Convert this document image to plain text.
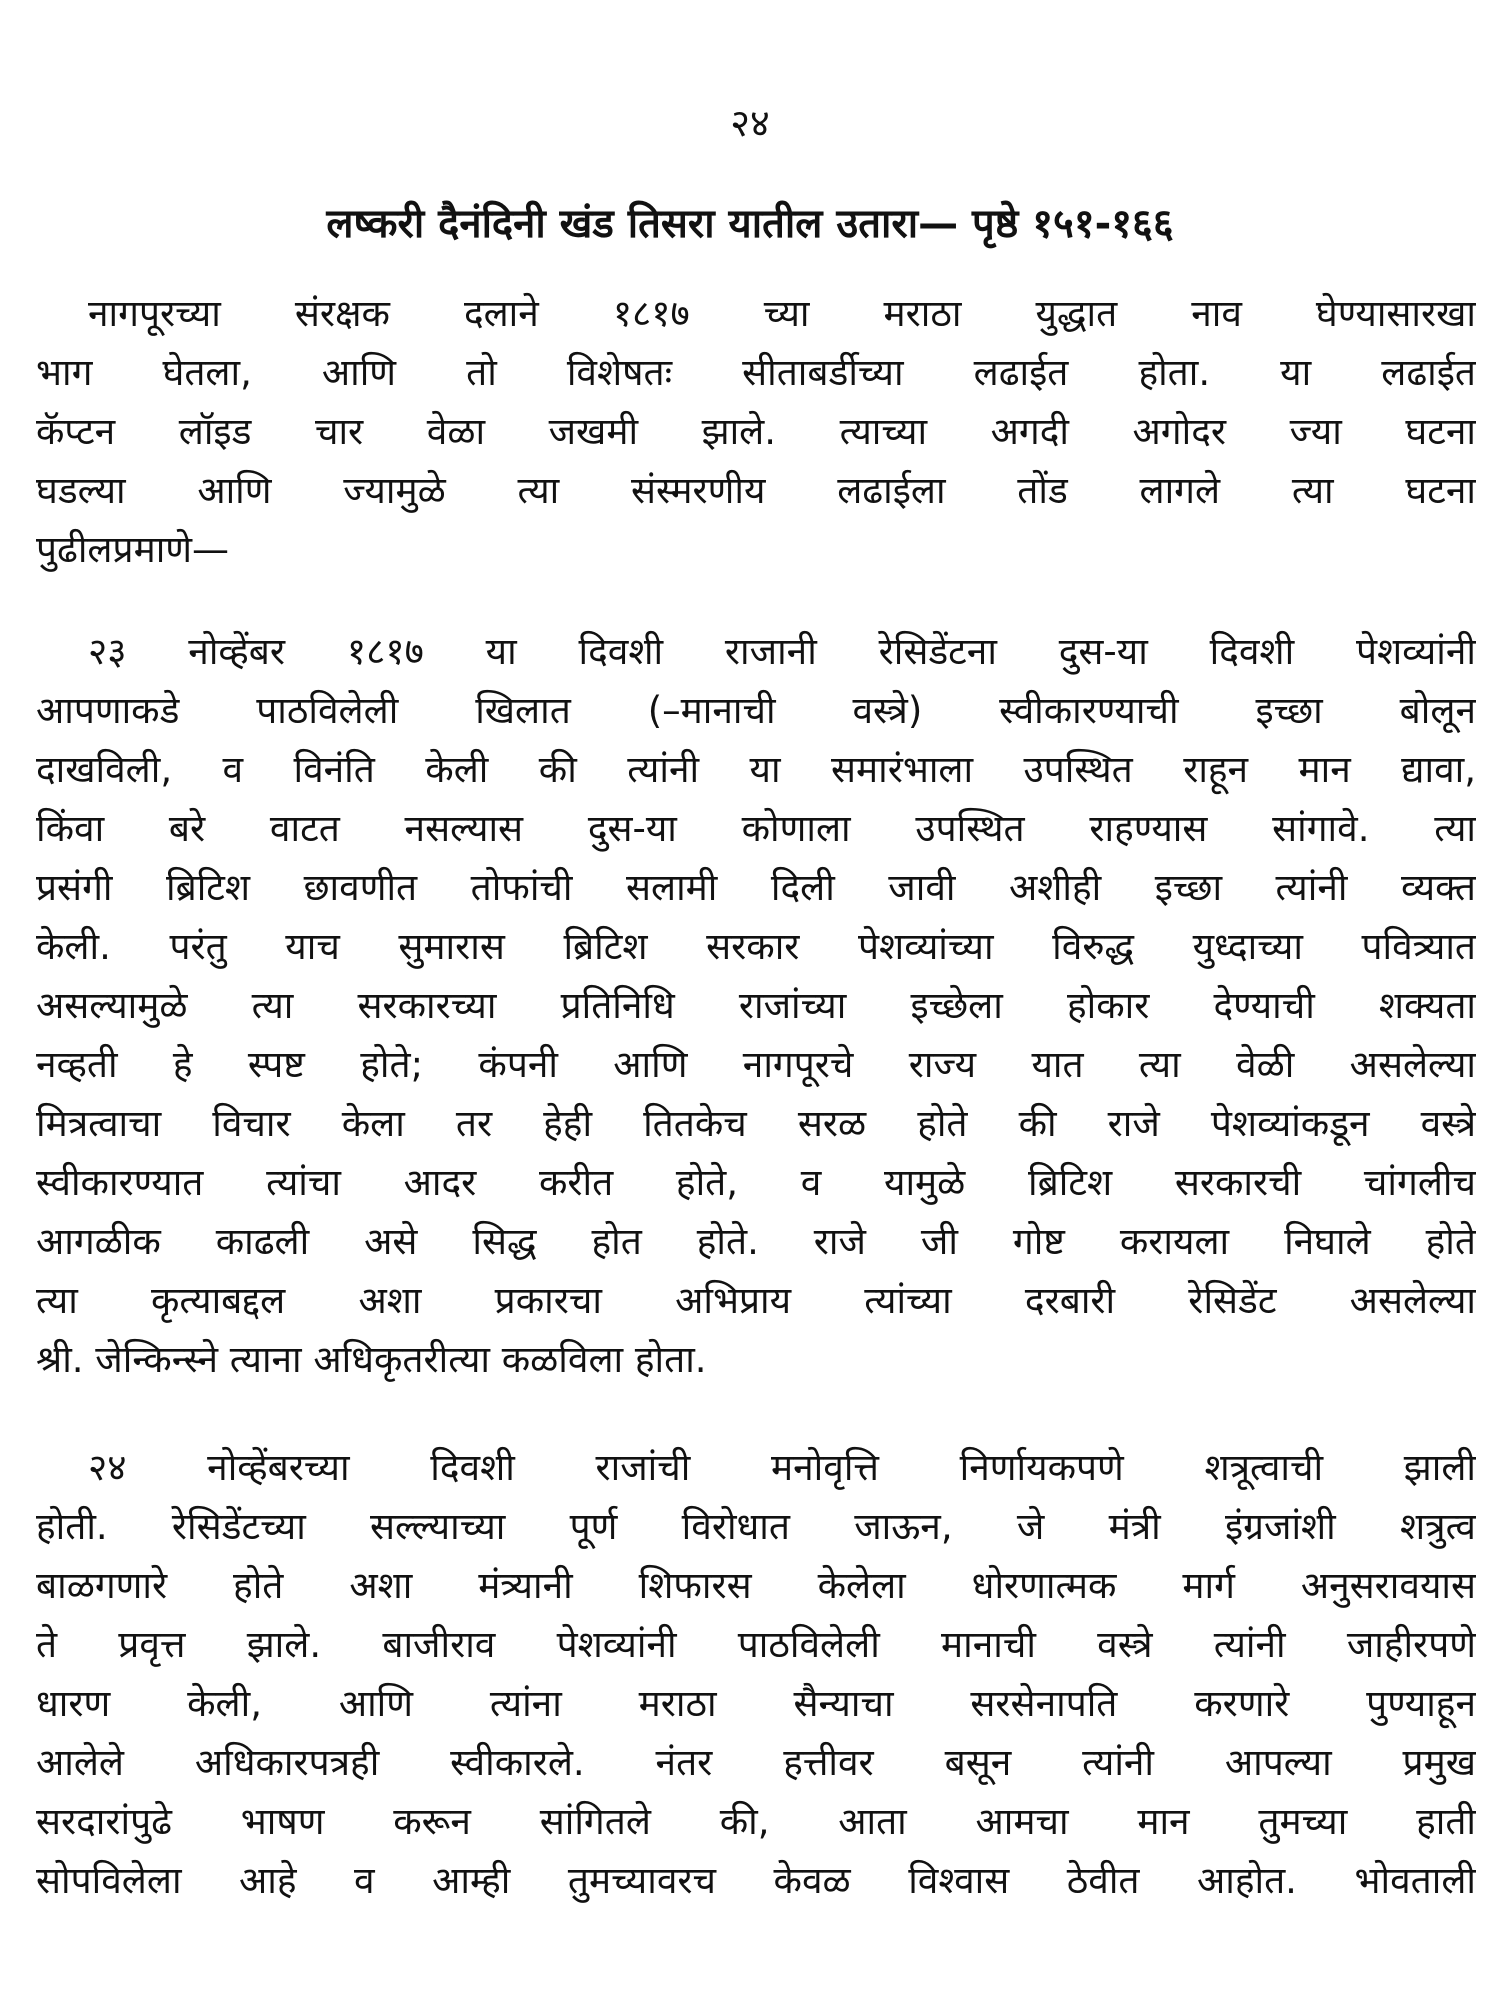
२४
लष्करी दैनंदिनी खंड तिसरा यातील उतारा— पृष्ठे १५१-१६६
नागपूरच्या संरक्षक दलाने १८१७ च्या मराठा युद्धात नाव घेण्यासारखा
भाग घेतला, आणि तो विशेषतः सीताबर्डीच्या लढाईत होता. या लढाईत
कॅप्टन लॉइड चार वेळा जखमी झाले. त्याच्या अगदी अगोदर ज्या घटना
घडल्या आणि ज्यामुळे त्या संस्मरणीय लढाईला तोंड लागले त्या घटना
पुढीलप्रमाणे—
२३ नोव्हेंबर १८१७ या दिवशी राजानी रेसिडेंटना दुस-या दिवशी पेशव्यांनी
आपणाकडे पाठविलेली खिलात (–मानाची वस्त्रे) स्वीकारण्याची इच्छा बोलून
दाखविली, व विनंति केली की त्यांनी या समारंभाला उपस्थित राहून मान द्यावा,
किंवा बरे वाटत नसल्यास दुस-या कोणाला उपस्थित राहण्यास सांगावे. त्या
प्रसंगी ब्रिटिश छावणीत तोफांची सलामी दिली जावी अशीही इच्छा त्यांनी व्यक्त
केली. परंतु याच सुमारास ब्रिटिश सरकार पेशव्यांच्या विरुद्ध युध्दाच्या पवित्र्यात
असल्यामुळे त्या सरकारच्या प्रतिनिधि राजांच्या इच्छेला होकार देण्याची शक्यता
नव्हती हे स्पष्ट होते; कंपनी आणि नागपूरचे राज्य यात त्या वेळी असलेल्या
मित्रत्वाचा विचार केला तर हेही तितकेच सरळ होते की राजे पेशव्यांकडून वस्त्रे
स्वीकारण्यात त्यांचा आदर करीत होते, व यामुळे ब्रिटिश सरकारची चांगलीच
आगळीक काढली असे सिद्ध होत होते. राजे जी गोष्ट करायला निघाले होते
त्या कृत्याबद्दल अशा प्रकारचा अभिप्राय त्यांच्या दरबारी रेसिडेंट असलेल्या
श्री. जेन्किन्स्ने त्याना अधिकृतरीत्या कळविला होता.
२४ नोव्हेंबरच्या दिवशी राजांची मनोवृत्ति निर्णायकपणे शत्रूत्वाची झाली
होती. रेसिडेंटच्या सल्ल्याच्या पूर्ण विरोधात जाऊन, जे मंत्री इंग्रजांशी शत्रुत्व
बाळगणारे होते अशा मंत्र्यानी शिफारस केलेला धोरणात्मक मार्ग अनुसरावयास
ते प्रवृत्त झाले. बाजीराव पेशव्यांनी पाठविलेली मानाची वस्त्रे त्यांनी जाहीरपणे
धारण केली, आणि त्यांना मराठा सैन्याचा सरसेनापति करणारे पुण्याहून
आलेले अधिकारपत्रही स्वीकारले. नंतर हत्तीवर बसून त्यांनी आपल्या प्रमुख
सरदारांपुढे भाषण करून सांगितले की, आता आमचा मान तुमच्या हाती
सोपविलेला आहे व आम्ही तुमच्यावरच केवळ विश्वास ठेवीत आहोत. भोवताली
